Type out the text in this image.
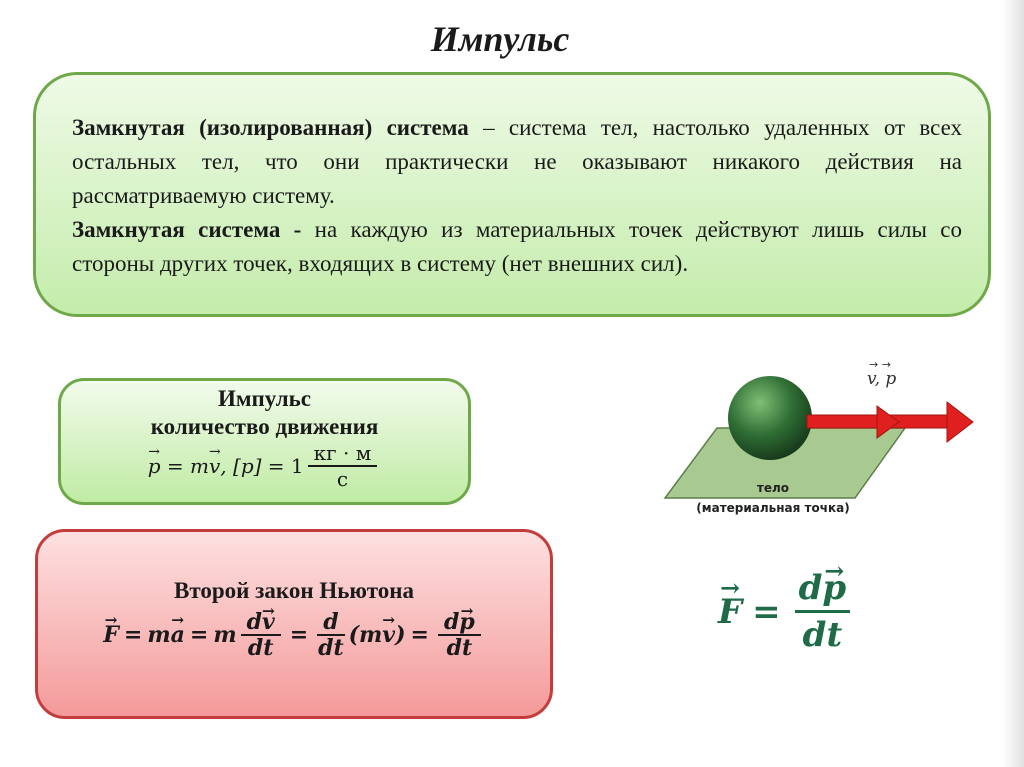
Импульс

Замкнутая (изолированная) система – система тел, настолько удаленных от всех остальных тел, что они практически не оказывают никакого действия на рассматриваемую систему.

Замкнутая система - на каждую из материальных точек действуют лишь силы со стороны других точек, входящих в систему (нет внешних сил).

Импульс
количество движения
→ p = m→ v, $[p] = 1 \frac{кг \cdot м}{с}$
Второй закон Ньютона
→ F = m → a = m $\frac{d\to v}{dt} = \frac{d}{dt} (m\to v) = \frac{d\to p}{dt}$	→ $F = \frac{d\to p}{dt}$
v, p
→ →
тело
(материальная точка)
